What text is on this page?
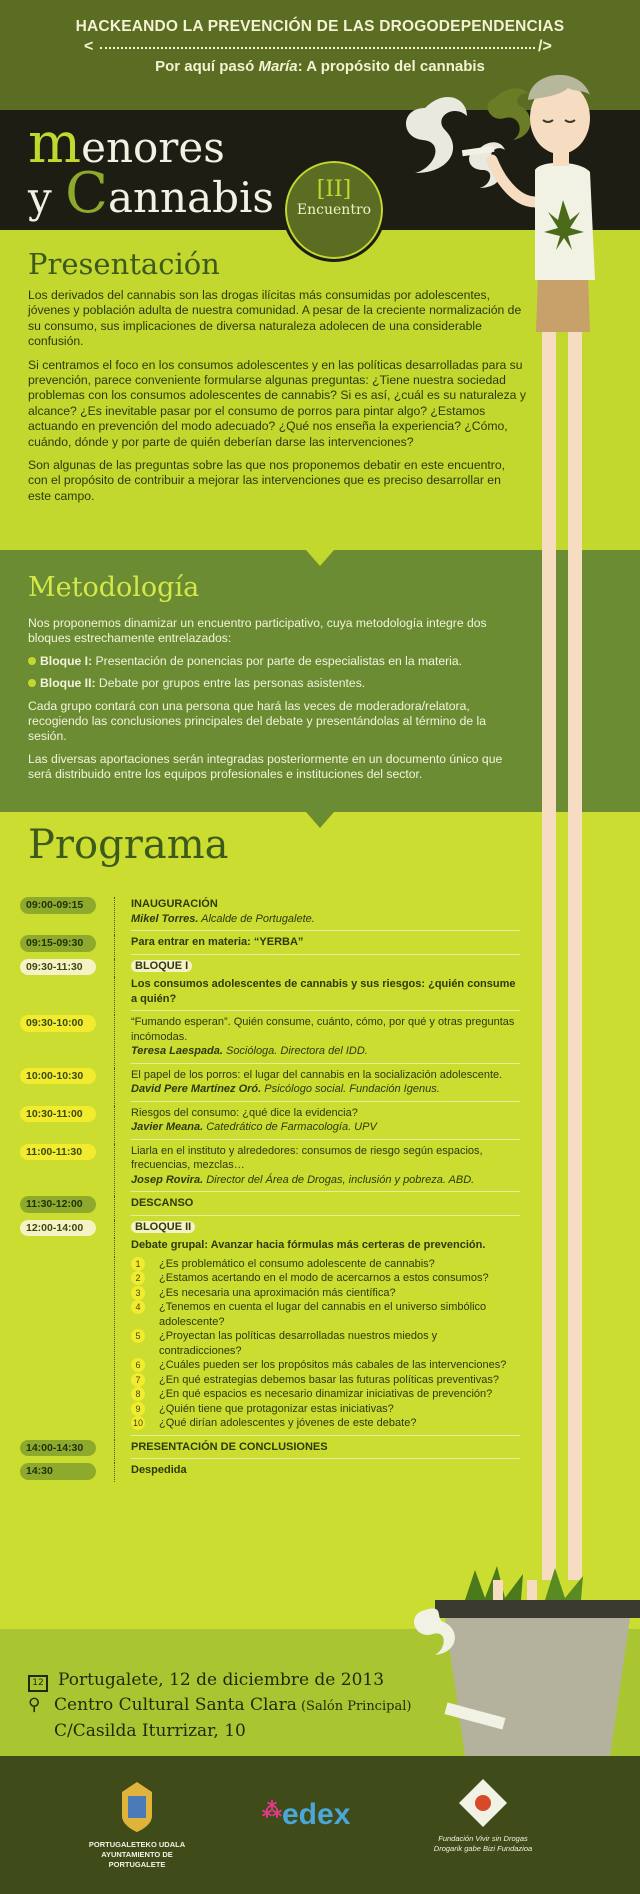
HACKEANDO LA PREVENCIÓN DE LAS DROGODEPENDENCIAS
<	/>
Por aquí pasó María: A propósito del cannabis
menores
y Cannabis	[II]
Encuentro
Presentación

Los derivados del cannabis son las drogas ilícitas más consumidas por adolescentes, jóvenes y población adulta de nuestra comunidad. A pesar de la creciente normalización de su consumo, sus implicaciones de diversa naturaleza adolecen de una considerable confusión.

Si centramos el foco en los consumos adolescentes y en las políticas desarrolladas para su prevención, parece conveniente formularse algunas preguntas: ¿Tiene nuestra sociedad problemas con los consumos adolescentes de cannabis? Si es así, ¿cuál es su naturaleza y alcance? ¿Es inevitable pasar por el consumo de porros para pintar algo? ¿Estamos actuando en prevención del modo adecuado? ¿Qué nos enseña la experiencia? ¿Cómo, cuándo, dónde y por parte de quién deberían darse las intervenciones?

Son algunas de las preguntas sobre las que nos proponemos debatir en este encuentro, con el propósito de contribuir a mejorar las intervenciones que es preciso desarrollar en este campo.

Metodología

Nos proponemos dinamizar un encuentro participativo, cuya metodología integre dos bloques estrechamente entrelazados:

Bloque I: Presentación de ponencias por parte de especialistas en la materia.

Bloque II: Debate por grupos entre las personas asistentes.

Cada grupo contará con una persona que hará las veces de moderadora/relatora, recogiendo las conclusiones principales del debate y presentándolas al término de la sesión.

Las diversas aportaciones serán integradas posteriormente en un documento único que será distribuido entre los equipos profesionales e instituciones del sector.

Programa
09:00-09:15	INAUGURACIÓN
Mikel Torres. Alcalde de Portugalete.
09:15-09:30	Para entrar en materia: “YERBA”
09:30-11:30	BLOQUE I
Los consumos adolescentes de cannabis y sus riesgos: ¿quién consume a quién?
09:30-10:00	“Fumando esperan”. Quién consume, cuánto, cómo, por qué y otras preguntas incómodas.
Teresa Laespada. Socióloga. Directora del IDD.
10:00-10:30	El papel de los porros: el lugar del cannabis en la socialización adolescente.
David Pere Martínez Oró. Psicólogo social. Fundación Igenus.
10:30-11:00	Riesgos del consumo: ¿qué dice la evidencia?
Javier Meana. Catedrático de Farmacología. UPV
11:00-11:30	Liarla en el instituto y alrededores: consumos de riesgo según espacios, frecuencias, mezclas…
Josep Rovira. Director del Área de Drogas, inclusión y pobreza. ABD.
11:30-12:00	DESCANSO
12:00-14:00	BLOQUE II
Debate grupal: Avanzar hacia fórmulas más certeras de prevención.
1	¿Es problemático el consumo adolescente de cannabis?
2	¿Estamos acertando en el modo de acercarnos a estos consumos?
3	¿Es necesaria una aproximación más científica?
4	¿Tenemos en cuenta el lugar del cannabis en el universo simbólico adolescente?
5	¿Proyectan las políticas desarrolladas nuestros miedos y contradicciones?
6	¿Cuáles pueden ser los propósitos más cabales de las intervenciones?
7	¿En qué estrategias debemos basar las futuras políticas preventivas?
8	¿En qué espacios es necesario dinamizar iniciativas de prevención?
9	¿Quién tiene que protagonizar estas iniciativas?
10 ¿Qué dirían adolescentes y jóvenes de este debate?
14:00-14:30	PRESENTACIÓN DE CONCLUSIONES
14:30	Despedida
12 Portugalete, 12 de diciembre de 2013
⚲ Centro Cultural Santa Clara (Salón Principal)
C/Casilda Iturrizar, 10
PORTUGALETEKO UDALA
AYUNTAMIENTO DE PORTUGALETE
⁂edex
Fundación Vivir sin Drogas
Drogarik gabe Bizi Fundazioa
